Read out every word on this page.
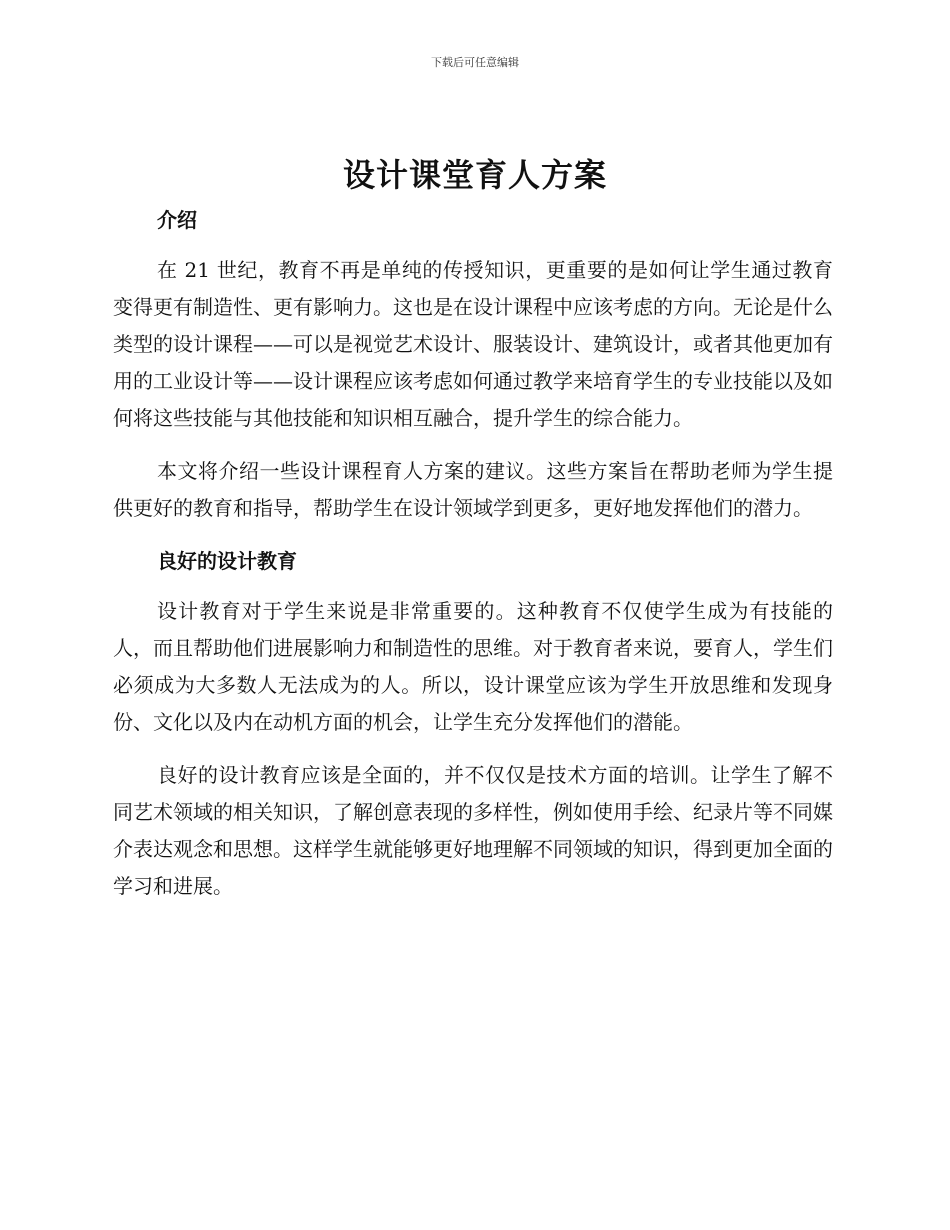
下载后可任意编辑
设计课堂育人方案
介绍

在 21 世纪，教育不再是单纯的传授知识，更重要的是如何让学生通过教育变得更有制造性、更有影响力。这也是在设计课程中应该考虑的方向。无论是什么类型的设计课程——可以是视觉艺术设计、服装设计、建筑设计，或者其他更加有用的工业设计等——设计课程应该考虑如何通过教学来培育学生的专业技能以及如何将这些技能与其他技能和知识相互融合，提升学生的综合能力。

本文将介绍一些设计课程育人方案的建议。这些方案旨在帮助老师为学生提供更好的教育和指导，帮助学生在设计领域学到更多，更好地发挥他们的潜力。

良好的设计教育

设计教育对于学生来说是非常重要的。这种教育不仅使学生成为有技能的人，而且帮助他们进展影响力和制造性的思维。对于教育者来说，要育人，学生们必须成为大多数人无法成为的人。所以，设计课堂应该为学生开放思维和发现身份、文化以及内在动机方面的机会，让学生充分发挥他们的潜能。

良好的设计教育应该是全面的，并不仅仅是技术方面的培训。让学生了解不同艺术领域的相关知识，了解创意表现的多样性，例如使用手绘、纪录片等不同媒介表达观念和思想。这样学生就能够更好地理解不同领域的知识，得到更加全面的学习和进展。
